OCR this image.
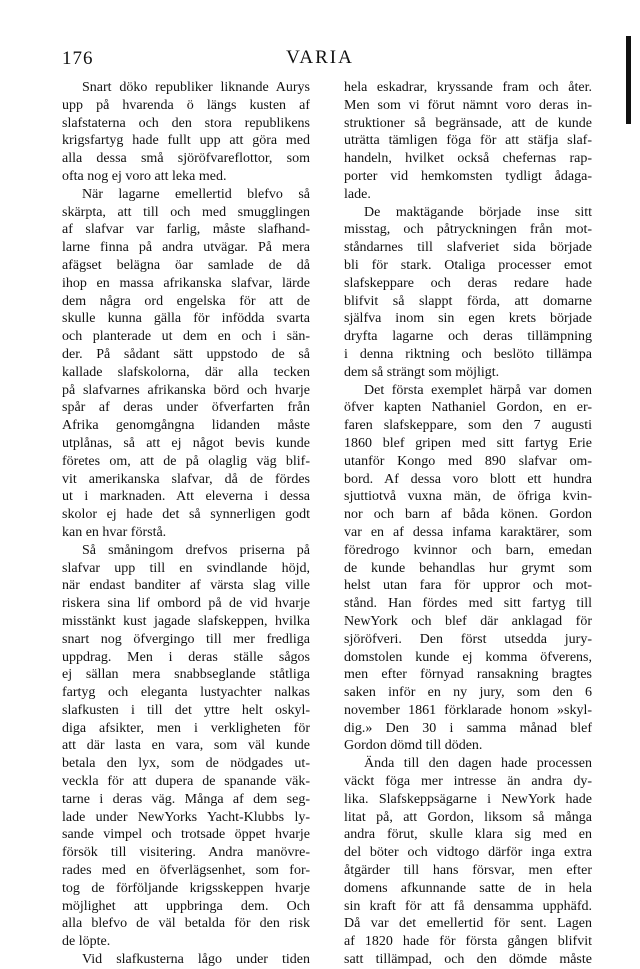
176	VARIA
Snart döko republiker liknande Aurys
upp på hvarenda ö längs kusten af
slafstaterna och den stora republikens
krigsfartyg hade fullt upp att göra med
alla dessa små sjöröfvareflottor, som
ofta nog ej voro att leka med.
När lagarne emellertid blefvo så
skärpta, att till och med smugglingen
af slafvar var farlig, måste slafhand-
larne finna på andra utvägar. På mera
afägset belägna öar samlade de då
ihop en massa afrikanska slafvar, lärde
dem några ord engelska för att de
skulle kunna gälla för infödda svarta
och planterade ut dem en och i sän-
der. På sådant sätt uppstodo de så
kallade slafskolorna, där alla tecken
på slafvarnes afrikanska börd och hvarje
spår af deras under öfverfarten från
Afrika genomgångna lidanden måste
utplånas, så att ej något bevis kunde
företes om, att de på olaglig väg blif-
vit amerikanska slafvar, då de fördes
ut i marknaden. Att eleverna i dessa
skolor ej hade det så synnerligen godt
kan en hvar förstå.
Så småningom drefvos priserna på
slafvar upp till en svindlande höjd,
när endast banditer af värsta slag ville
riskera sina lif ombord på de vid hvarje
misstänkt kust jagade slafskeppen, hvilka
snart nog öfvergingo till mer fredliga
uppdrag. Men i deras ställe sågos
ej sällan mera snabbseglande ståtliga
fartyg och eleganta lustyachter nalkas
slafkusten i till det yttre helt oskyl-
diga afsikter, men i verkligheten för
att där lasta en vara, som väl kunde
betala den lyx, som de nödgades ut-
veckla för att dupera de spanande väk-
tarne i deras väg. Många af dem seg-
lade under NewYorks Yacht-Klubbs ly-
sande vimpel och trotsade öppet hvarje
försök till visitering. Andra manövre-
rades med en öfverlägsenhet, som for-
tog de förföljande krigsskeppen hvarje
möjlighet att uppbringa dem. Och
alla blefvo de väl betalda för den risk
de löpte.
Vid slafkusterna lågo under tiden
hela eskadrar, kryssande fram och åter.
Men som vi förut nämnt voro deras in-
struktioner så begränsade, att de kunde
uträtta tämligen föga för att stäfja slaf-
handeln, hvilket också chefernas rap-
porter vid hemkomsten tydligt ådaga-
lade.
De maktägande började inse sitt
misstag, och påtryckningen från mot-
ståndarnes till slafveriet sida började
bli för stark. Otaliga processer emot
slafskeppare och deras redare hade
blifvit så slappt förda, att domarne
själfva inom sin egen krets började
dryfta lagarne och deras tillämpning
i denna riktning och beslöto tillämpa
dem så strängt som möjligt.
Det första exemplet härpå var domen
öfver kapten Nathaniel Gordon, en er-
faren slafskeppare, som den 7 augusti
1860 blef gripen med sitt fartyg Erie
utanför Kongo med 890 slafvar om-
bord. Af dessa voro blott ett hundra
sjuttiotvå vuxna män, de öfriga kvin-
nor och barn af båda könen. Gordon
var en af dessa infama karaktärer, som
föredrogo kvinnor och barn, emedan
de kunde behandlas hur grymt som
helst utan fara för uppror och mot-
stånd. Han fördes med sitt fartyg till
NewYork och blef där anklagad för
sjöröfveri. Den först utsedda jury-
domstolen kunde ej komma öfverens,
men efter förnyad ransakning bragtes
saken inför en ny jury, som den 6
november 1861 förklarade honom »skyl-
dig.» Den 30 i samma månad blef
Gordon dömd till döden.
Ända till den dagen hade processen
väckt föga mer intresse än andra dy-
lika. Slafskeppsägarne i NewYork hade
litat på, att Gordon, liksom så många
andra förut, skulle klara sig med en
del böter och vidtogo därför inga extra
åtgärder till hans försvar, men efter
domens afkunnande satte de in hela
sin kraft för att få densamma upphäfd.
Då var det emellertid för sent. Lagen
af 1820 hade för första gången blifvit
satt tillämpad, och den dömde måste
